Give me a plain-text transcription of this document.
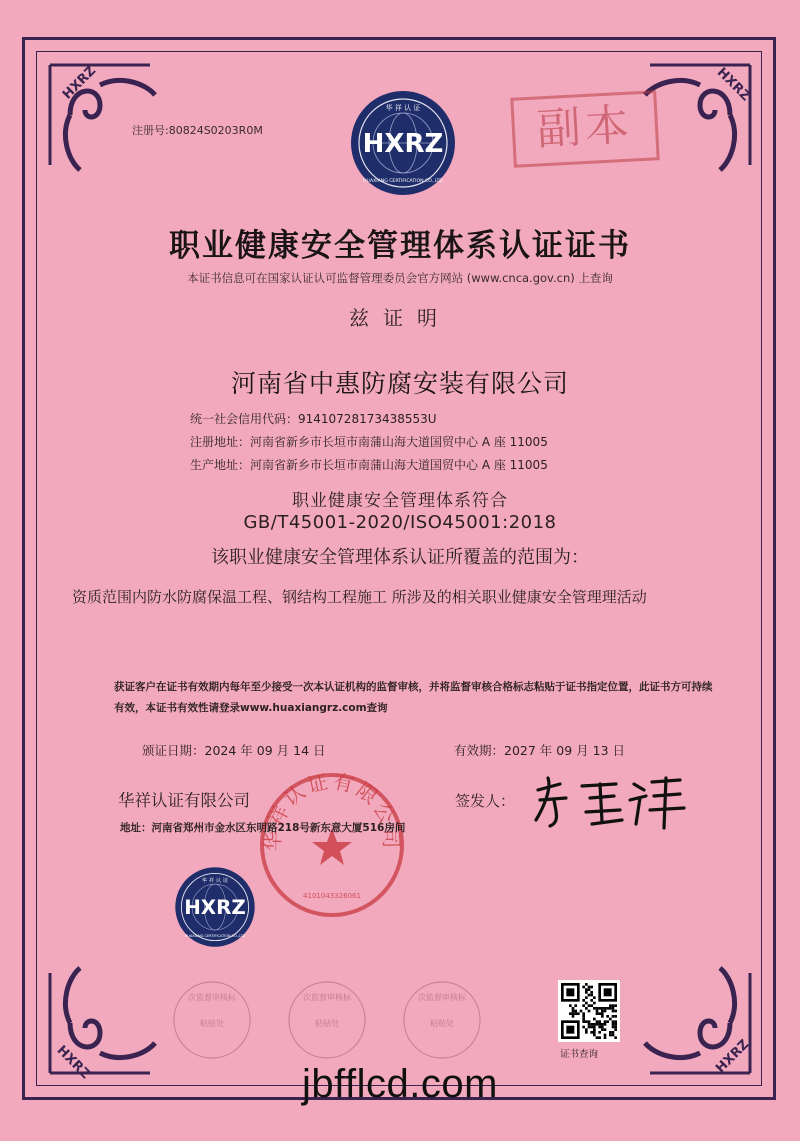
HXRZ	HXRZ
HXRZ	HXRZ
HXRZ
华 祥 认 证
HUAXIANG CERTIFICATION CO.,LTD
副本
注册号:80824S0203R0M
职业健康安全管理体系认证证书
本证书信息可在国家认证认可监督管理委员会官方网站 (www.cnca.gov.cn) 上查询
兹证明
河南省中惠防腐安装有限公司
统一社会信用代码：91410728173438553U
注册地址：河南省新乡市长垣市南蒲山海大道国贸中心 A 座 11005
生产地址：河南省新乡市长垣市南蒲山海大道国贸中心 A 座 11005
职业健康安全管理体系符合
GB/T45001-2020/ISO45001:2018
该职业健康安全管理体系认证所覆盖的范围为：
资质范围内防水防腐保温工程、钢结构工程施工 所涉及的相关职业健康安全管理理活动
获证客户在证书有效期内每年至少接受一次本认证机构的监督审核，并将监督审核合格标志粘贴于证书指定位置，此证书方可持续有效，本证书有效性请登录www.huaxiangrz.com查询
颁证日期：2024 年 09 月 14 日	有效期：2027 年 09 月 13 日
华祥认证有限公司
4101043326061
华祥认证有限公司	签发人：
地址：河南省郑州市金水区东明路218号新东意大厦516房间
HXRZ
华 祥 认 证
HUAXIANG CERTIFICATION CO.,LTD
次监督审核标
粘贴处
次监督审核标
粘贴处
次监督审核标
粘贴处
证书查询
jbfflcd.com
